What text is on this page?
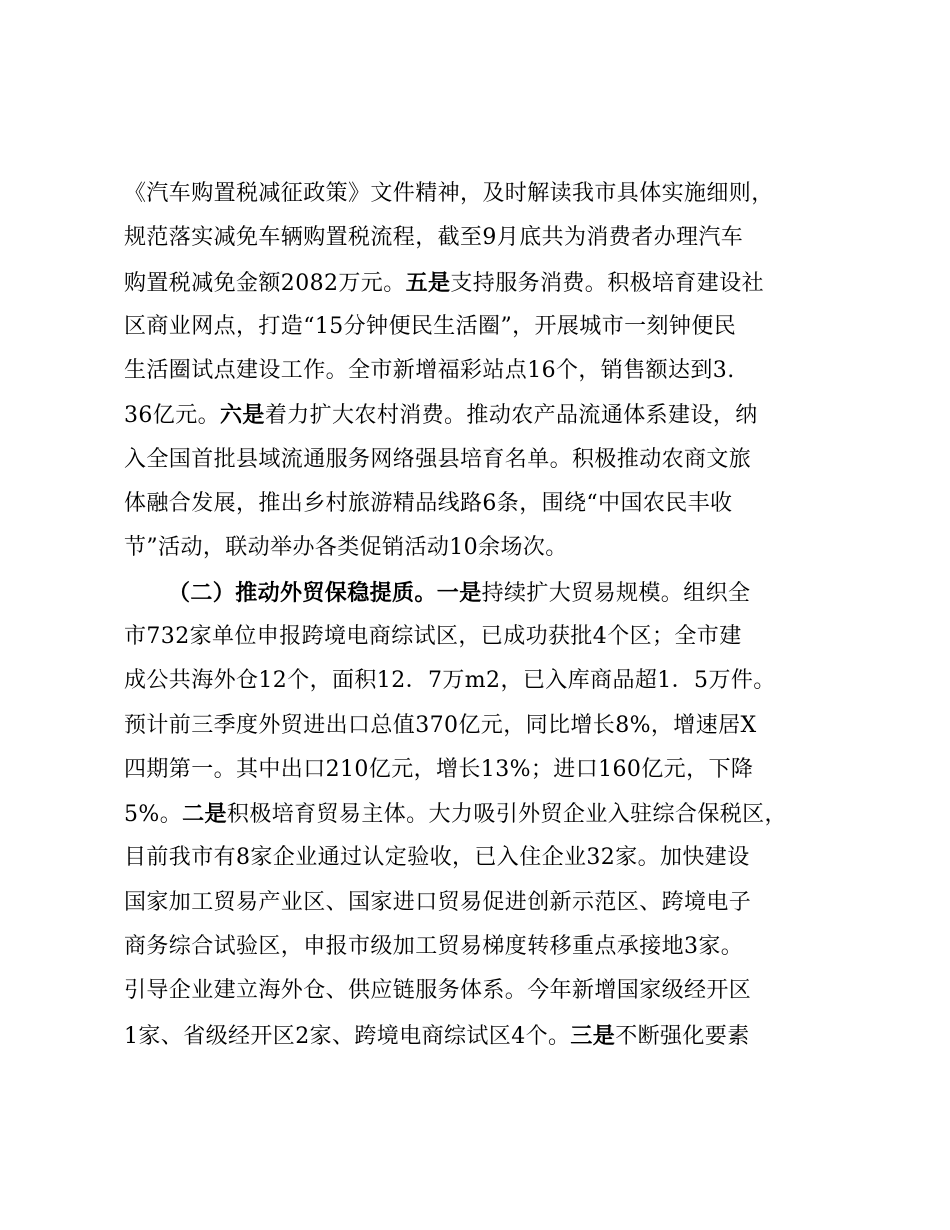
《汽车购置税减征政策》文件精神，及时解读我市具体实施细则，
规范落实减免车辆购置税流程，截至9月底共为消费者办理汽车
购置税减免金额2082万元。五是支持服务消费。积极培育建设社
区商业网点，打造“15分钟便民生活圈”，开展城市一刻钟便民
生活圈试点建设工作。全市新增福彩站点16个，销售额达到3.
36亿元。六是着力扩大农村消费。推动农产品流通体系建设，纳
入全国首批县域流通服务网络强县培育名单。积极推动农商文旅
体融合发展，推出乡村旅游精品线路6条，围绕“中国农民丰收
节”活动，联动举办各类促销活动10余场次。
（二）推动外贸保稳提质。一是持续扩大贸易规模。组织全
市732家单位申报跨境电商综试区，已成功获批4个区；全市建
成公共海外仓12个，面积12．7万m2，已入库商品超1．5万件。
预计前三季度外贸进出口总值370亿元，同比增长8%，增速居X
四期第一。其中出口210亿元，增长13%；进口160亿元，下降
5%。二是积极培育贸易主体。大力吸引外贸企业入驻综合保税区，
目前我市有8家企业通过认定验收，已入住企业32家。加快建设
国家加工贸易产业区、国家进口贸易促进创新示范区、跨境电子
商务综合试验区，申报市级加工贸易梯度转移重点承接地3家。
引导企业建立海外仓、供应链服务体系。今年新增国家级经开区
1家、省级经开区2家、跨境电商综试区4个。三是不断强化要素
